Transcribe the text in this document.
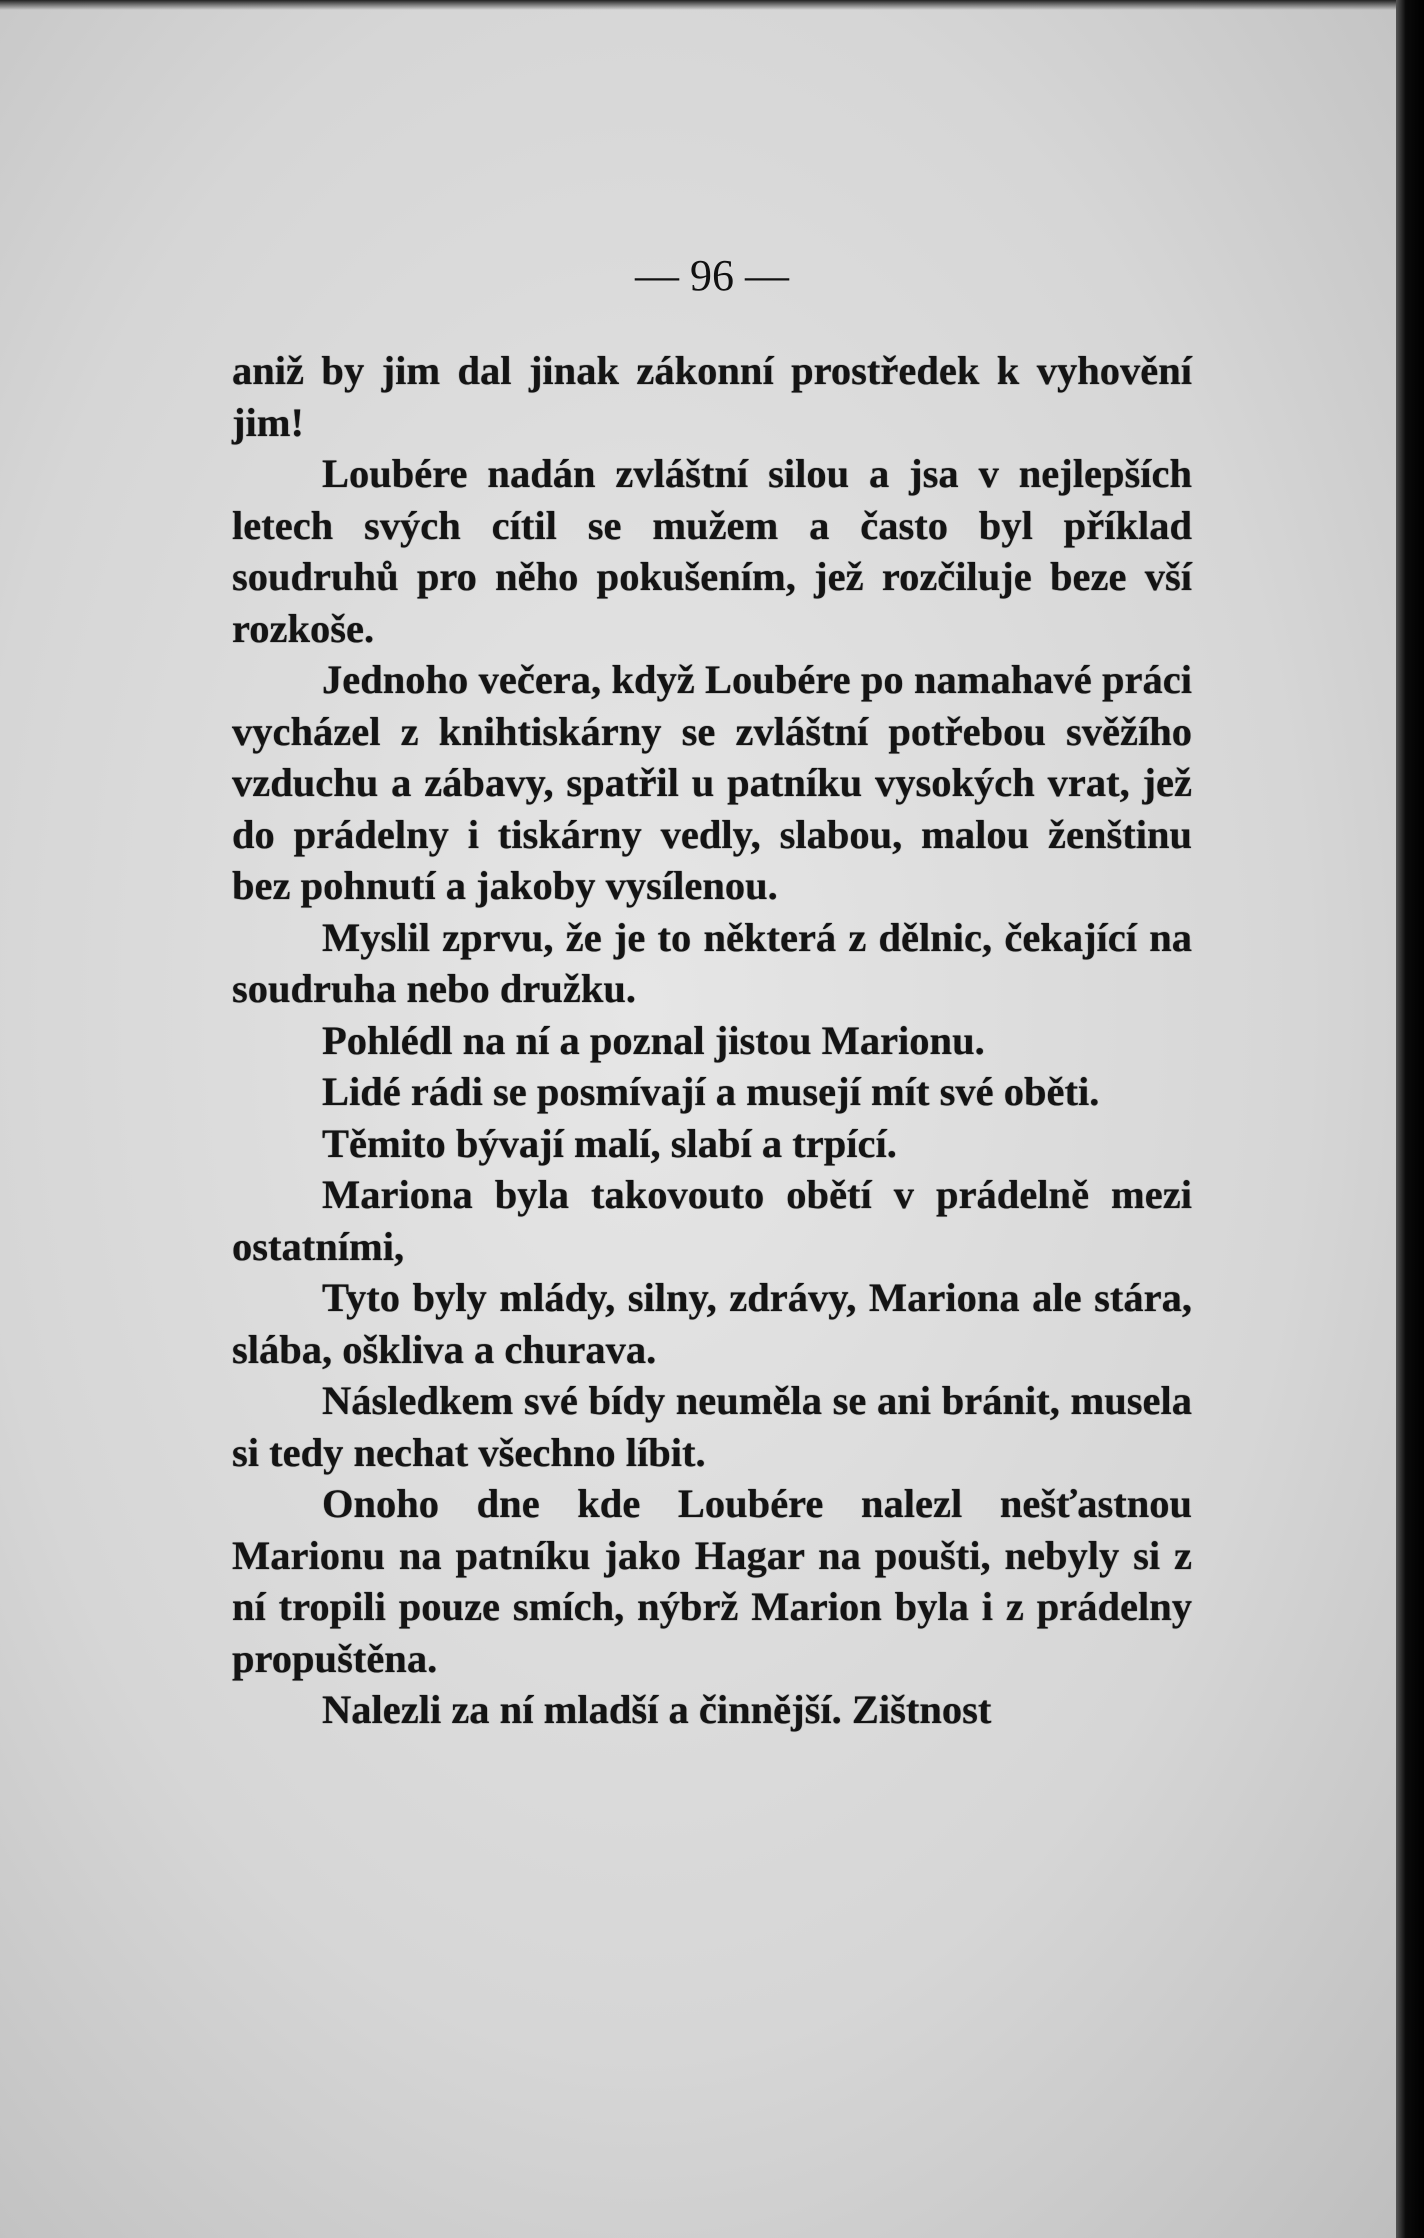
— 96 —

aniž by jim dal jinak zákonní prostředek k vyhovění jim!

Loubére nadán zvláštní silou a jsa v nejlepších letech svých cítil se mužem a často byl příklad soudruhů pro něho pokušením, jež rozčiluje beze vší rozkoše.

Jednoho večera, když Loubére po namahavé práci vycházel z knihtiskárny se zvláštní potřebou svěžího vzduchu a zábavy, spatřil u patníku vysokých vrat, jež do prádelny i tiskárny vedly, slabou, malou ženštinu bez pohnutí a jakoby vysílenou.

Myslil zprvu, že je to některá z dělnic, čekající na soudruha nebo družku.

Pohlédl na ní a poznal jistou Marionu.

Lidé rádi se posmívají a musejí mít své oběti.

Těmito bývají malí, slabí a trpící.

Mariona byla takovouto obětí v prádelně mezi ostatními,

Tyto byly mlády, silny, zdrávy, Mariona ale stára, slába, oškliva a churava.

Následkem své bídy neuměla se ani bránit, musela si tedy nechat všechno líbit.

Onoho dne kde Loubére nalezl nešťastnou Marionu na patníku jako Hagar na poušti, nebyly si z ní tropili pouze smích, nýbrž Marion byla i z prádelny propuštěna.

Nalezli za ní mladší a činnější. Zištnost
